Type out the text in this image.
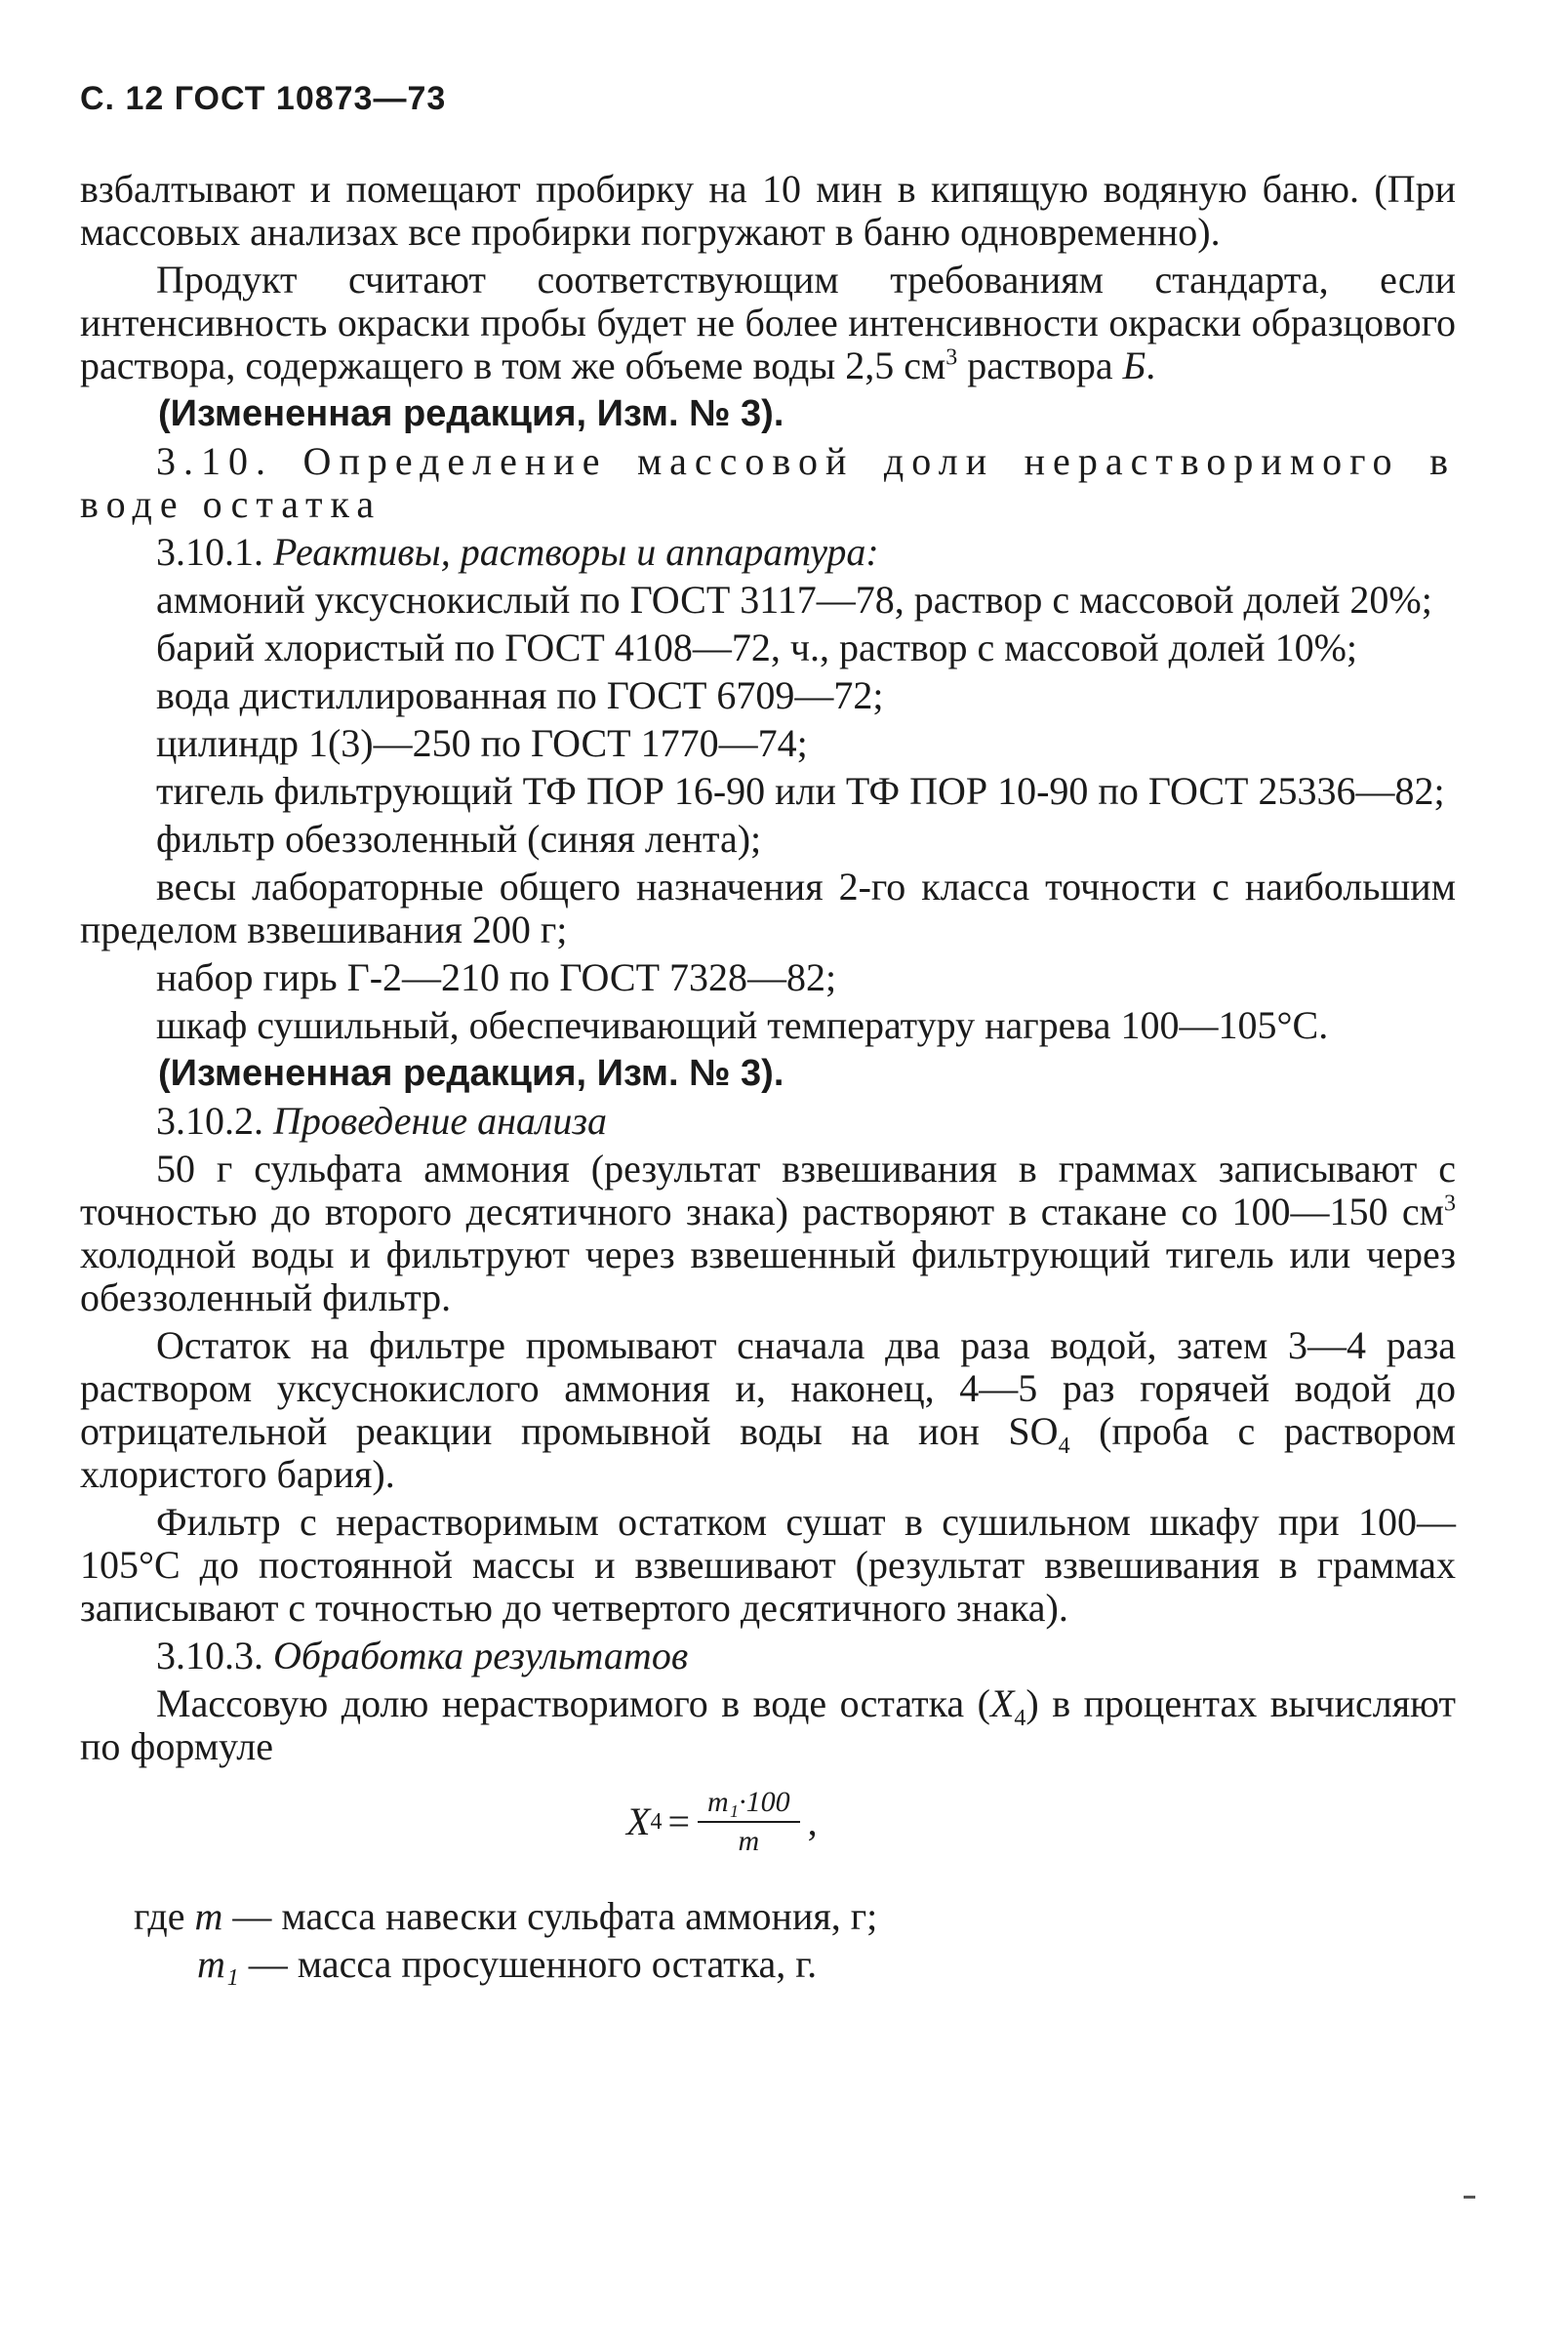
С. 12 ГОСТ 10873—73

взбалтывают и помещают пробирку на 10 мин в кипящую водяную баню. (При массовых анализах все пробирки погружают в баню одновременно).

Продукт считают соответствующим требованиям стандарта, если интенсивность окраски пробы будет не более интенсивности окраски образцового раствора, содержащего в том же объеме воды 2,5 $см^3$ раствора Б.

(Измененная редакция, Изм. № 3).

3.10. Определение массовой доли нерастворимого в воде остатка

3.10.1. Реактивы, растворы и аппаратура:

аммоний уксуснокислый по ГОСТ 3117—78, раствор с массовой долей 20%;

барий хлористый по ГОСТ 4108—72, ч., раствор с массовой долей 10%;

вода дистиллированная по ГОСТ 6709—72;

цилиндр 1(3)—250 по ГОСТ 1770—74;

тигель фильтрующий ТФ ПОР 16-90 или ТФ ПОР 10-90 по ГОСТ 25336—82;

фильтр обеззоленный (синяя лента);

весы лабораторные общего назначения 2-го класса точности с наибольшим пределом взвешивания 200 г;

набор гирь Г-2—210 по ГОСТ 7328—82;

шкаф сушильный, обеспечивающий температуру нагрева 100—105°С.

(Измененная редакция, Изм. № 3).

3.10.2. Проведение анализа

50 г сульфата аммония (результат взвешивания в граммах записывают с точностью до второго десятичного знака) растворяют в стакане со 100—150 $см^3$ холодной воды и фильтруют через взвешенный фильтрующий тигель или через обеззоленный фильтр.

Остаток на фильтре промывают сначала два раза водой, затем 3—4 раза раствором уксуснокислого аммония и, наконец, 4—5 раз горячей водой до отрицательной реакции промывной воды на ион $SO_4$ (проба с раствором хлористого бария).

Фильтр с нерастворимым остатком сушат в сушильном шкафу при 100—105°С до постоянной массы и взвешивают (результат взвешивания в граммах записывают с точностью до четвертого десятичного знака).

3.10.3. Обработка результатов

Массовую долю нерастворимого в воде остатка $(X_4)$ в процентах вычисляют по формуле

X $4 = \frac{\text{m₁·100}}{m}$ ,

где m — масса навески сульфата аммония, г;

m₁ — масса просушенного остатка, г.
